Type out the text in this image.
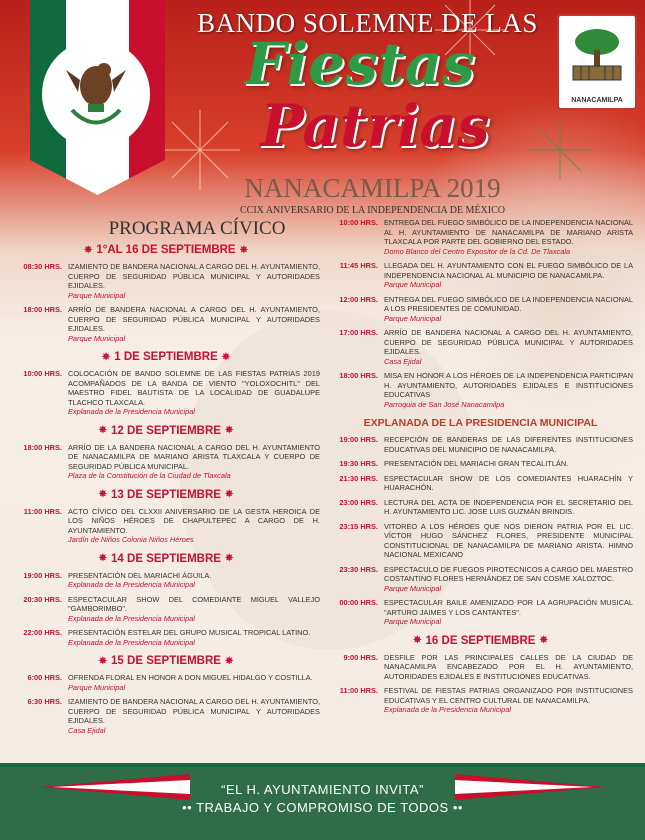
NANACAMILPA
BANDO SOLEMNE DE LAS
Fiestas
Patrias
NANACAMILPA 2019
CCIX ANIVERSARIO DE LA INDEPENDENCIA DE MÉXICO
PROGRAMA CÍVICO
✵ 1°AL 16 DE SEPTIEMBRE ✵
08:30 HRS. IZAMIENTO DE BANDERA NACIONAL A CARGO DEL H. AYUNTAMIENTO, CUERPO DE SEGURIDAD PÚBLICA MUNICIPAL Y AUTORIDADES EJIDALES.
Parque Municipal
18:00 HRS. ARRÍO DE BANDERA NACIONAL A CARGO DEL H. AYUNTAMIENTO, CUERPO DE SEGURIDAD PÚBLICA MUNICIPAL Y AUTORIDADES EJIDALES.
Parque Municipal
✵ 1 DE SEPTIEMBRE ✵
10:00 HRS. COLOCACIÓN DE BANDO SOLEMNE DE LAS FIESTAS PATRIAS 2019 ACOMPAÑADOS DE LA BANDA DE VIENTO "YOLOXOCHITL" DEL MAESTRO FIDEL BAUTISTA DE LA LOCALIDAD DE GUADALUPE TLACHCO TLAXCALA.
Explanada de la Presidencia Municipal
✵ 12 DE SEPTIEMBRE ✵
18:00 HRS. ARRÍO DE LA BANDERA NACIONAL A CARGO DEL H. AYUNTAMIENTO DE NANACAMILPA DE MARIANO ARISTA TLAXCALA Y CUERPO DE SEGURIDAD PÚBLICA MUNICIPAL.
Plaza de la Constitución de la Ciudad de Tlaxcala
✵ 13 DE SEPTIEMBRE ✵
11:00 HRS. ACTO CÍVICO DEL CLXXII ANIVERSARIO DE LA GESTA HEROICA DE LOS NIÑOS HÉROES DE CHAPULTEPEC A CARGO DE H. AYUNTAMIENTO.
Jardín de Niños Colonia Niños Héroes
✵ 14 DE SEPTIEMBRE ✵
19:00 HRS. PRESENTACIÓN DEL MARIACHI ÁGUILA.
Explanada de la Presidencia Municipal
20:30 HRS. ESPECTACULAR SHOW DEL COMEDIANTE MIGUEL VALLEJO "GAMBORIMBO".
Explanada de la Presidencia Municipal
22:00 HRS. PRESENTACIÓN ESTELAR DEL GRUPO MUSICAL TROPICAL LATINO.
Explanada de la Presidencia Municipal
✵ 15 DE SEPTIEMBRE ✵
6:00 HRS. OFRENDA FLORAL EN HONOR A DON MIGUEL HIDALGO Y COSTILLA.
Parque Municipal
6:30 HRS. IZAMIENTO DE BANDERA NACIONAL A CARGO DEL H. AYUNTAMIENTO, CUERPO DE SEGURIDAD PÚBLICA MUNICIPAL Y AUTORIDADES EJIDALES.
Casa Ejidal
10:00 HRS. ENTREGA DEL FUEGO SIMBÓLICO DE LA INDEPENDENCIA NACIONAL AL H. AYUNTAMIENTO DE NANACAMILPA DE MARIANO ARISTA TLAXCALA POR PARTE DEL GOBIERNO DEL ESTADO.
Domo Blanco del Centro Expositor de la Cd. De Tlaxcala
11:45 HRS. LLEGADA DEL H. AYUNTAMIENTO CON EL FUEGO SIMBÓLICO DE LA INDEPENDENCIA NACIONAL AL MUNICIPIO DE NANACAMILPA.
Parque Municipal
12:00 HRS. ENTREGA DEL FUEGO SIMBÓLICO DE LA INDEPENDENCIA NACIONAL A LOS PRESIDENTES DE COMUNIDAD.
Parque Municipal
17:00 HRS. ARRÍO DE BANDERA NACIONAL A CARGO DEL H. AYUNTAMIENTO, CUERPO DE SEGURIDAD PÚBLICA MUNICIPAL Y AUTORIDADES EJIDALES.
Casa Ejidal
18:00 HRS. MISA EN HONOR A LOS HÉROES DE LA INDEPENDENCIA PARTICIPAN H. AYUNTAMIENTO, AUTORIDADES EJIDALES E INSTITUCIONES EDUCATIVAS
Parroquia de San José Nanacamilpa
EXPLANADA DE LA PRESIDENCIA MUNICIPAL
19:00 HRS. RECEPCIÓN DE BANDERAS DE LAS DIFERENTES INSTITUCIONES EDUCATIVAS DEL MUNICIPIO DE NANACAMILPA.
19:30 HRS. PRESENTACIÓN DEL MARIACHI GRAN TECALITLÁN.
21:30 HRS. ESPECTACULAR SHOW DE LOS COMEDIANTES HUARACHÍN Y HUARACHÓN.
23:00 HRS. LECTURA DEL ACTA DE INDEPENDENCIA POR EL SECRETARIO DEL H. AYUNTAMIENTO LIC. JOSE LUIS GUZMÁN BRINDIS.
23:15 HRS. VITOREO A LOS HÉROES QUE NOS DIERON PATRIA POR EL LIC. VÍCTOR HUGO SÁNCHEZ FLORES, PRESIDENTE MUNICIPAL CONSTITUCIONAL DE NANACAMILPA DE MARIANO ARISTA. HIMNO NACIONAL MEXICANO
23:30 HRS. ESPECTACULO DE FUEGOS PIROTECNICOS A CARGO DEL MAESTRO COSTANTINO FLORES HERNÁNDEZ DE SAN COSME XALOZTOC.
Parque Municipal
00:00 HRS. ESPECTACULAR BAILE AMENIZADO POR LA AGRUPACIÓN MUSICAL "ARTURO JAIMES Y LOS CANTANTES".
Parque Municipal
✵ 16 DE SEPTIEMBRE ✵
9:00 HRS. DESFILE POR LAS PRINCIPALES CALLES DE LA CIUDAD DE NANACAMILPA ENCABEZADO POR EL H. AYUNTAMIENTO, AUTORIDADES EJIDALES E INSTITUCIONES EDUCATIVAS.
11:00 HRS. FESTIVAL DE FIESTAS PATRIAS ORGANIZADO POR INSTITUCIONES EDUCATIVAS Y EL CENTRO CULTURAL DE NANACAMILPA.
Explanada de la Presidencia Municipal
“EL H. AYUNTAMIENTO INVITA”
•• TRABAJO Y COMPROMISO DE TODOS ••
